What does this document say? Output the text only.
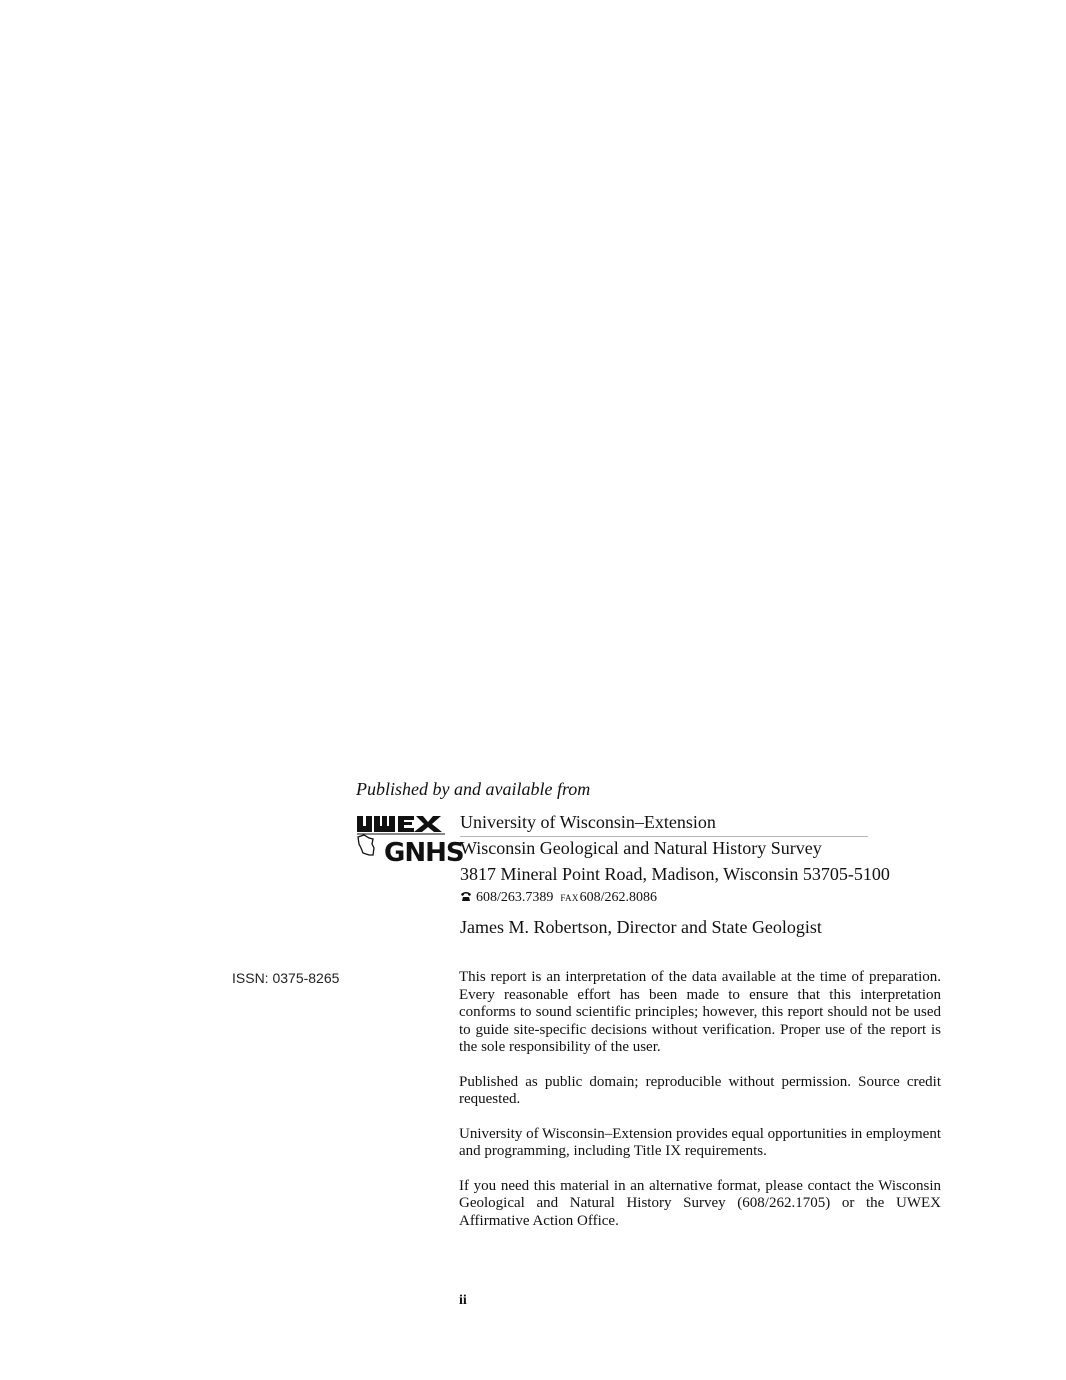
Published by and available from
GNHS
University of Wisconsin–Extension
Wisconsin Geological and Natural History Survey
3817 Mineral Point Road, Madison, Wisconsin 53705-5100
608/263.7389 FAX608/262.8086
James M. Robertson, Director and State Geologist
ISSN: 0375-8265	This report is an interpretation of the data available at the time of preparation. Every reasonable effort has been made to ensure that this interpretation conforms to sound scientific principles; however, this report should not be used to guide site-specific decisions without verification. Proper use of the report is the sole responsibility of the user.

Published as public domain; reproducible without permission. Source credit requested.

University of Wisconsin–Extension provides equal opportunities in employment and programming, including Title IX requirements.

If you need this material in an alternative format, please contact the Wisconsin Geological and Natural History Survey (608/262.1705) or the UWEX Affirmative Action Office.

ii
